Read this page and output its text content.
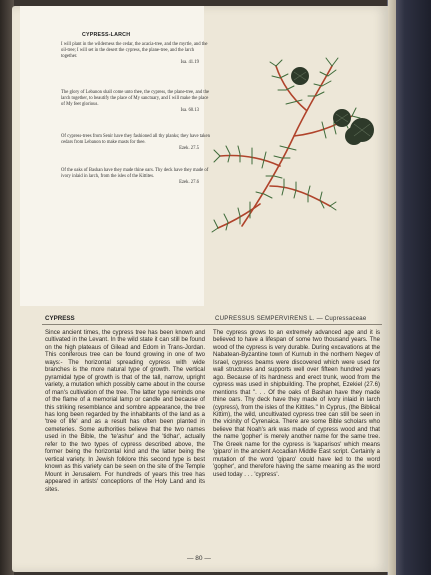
CYPRESS-LARCH
I will plant in the wilderness the cedar, the acacia-tree, and the myrtle, and the oil-tree; I will set in the desert the cypress, the plane-tree, and the larch together.
Isa. 41.19
The glory of Lebanon shall come unto thee, the cypress, the plane-tree, and the larch together, to beautify the place of My sanctuary, and I will make the place of My feet glorious.
Isa. 60.13
Of cypress-trees from Senir have they fashioned all thy planks; they have taken cedars from Lebanon to make masts for thee.
Ezek. 27.5
Of the oaks of Bashan have they made thine oars. Thy deck have they made of ivory inlaid in larch, from the isles of the Kittites.
Ezek. 27.6
CYPRESS	CUPRESSUS SEMPERVIRENS L. — Cupressaceae
Since ancient times, the cypress tree has been known and cultivated in the Levant. In the wild state it can still be found on the high plateaus of Gilead and Edom in Trans-Jordan. This coniferous tree can be found growing in one of two ways:- The horizontal spreading cypress with wide branches is the more natural type of growth. The vertical pyramidal type of growth is that of the tall, narrow, upright variety, a mutation which possibly came about in the course of man's cultivation of the tree. The latter type reminds one of the flame of a memorial lamp or candle and because of this striking resemblance and sombre appearance, the tree has long been regarded by the inhabitants of the land as a 'tree of life' and as a result has often been planted in cemeteries. Some authorities believe that the two names used in the Bible, the 'te'ashur' and the 'tidhar', actually refer to the two types of cypress described above, the former being the horizontal kind and the latter being the vertical variety. In Jewish folklore this second type is best known as this variety can be seen on the site of the Temple Mount in Jerusalem. For hundreds of years this tree has appeared in artists' conceptions of the Holy Land and its sites.
The cypress grows to an extremely advanced age and it is believed to have a lifespan of some two thousand years. The wood of the cypress is very durable. During excavations at the Nabatean-Byzantine town of Kurnub in the northern Negev of Israel, cypress beams were discovered which were used for wall structures and supports well over fifteen hundred years ago. Because of its hardness and erect trunk, wood from the cypress was used in shipbuilding. The prophet, Ezekiel (27.6) mentions that ". . . Of the oaks of Bashan have they made thine oars. Thy deck have they made of ivory inlaid in larch (cypress), from the isles of the Kittites." In Cyprus, (the Biblical Kittim), the wild, uncultivated cypress tree can still be seen in the vicinity of Cyrenaica. There are some Bible scholars who believe that Noah's ark was made of cypress wood and that the name 'gopher' is merely another name for the same tree. The Greek name for the cypress is 'kaparisos' which means 'giparo' in the ancient Accadian Middle East script. Certainly a mutation of the word 'giparo' could have led to the word 'gopher', and therefore having the same meaning as the word used today . . . 'cypress'.
— 80 —
